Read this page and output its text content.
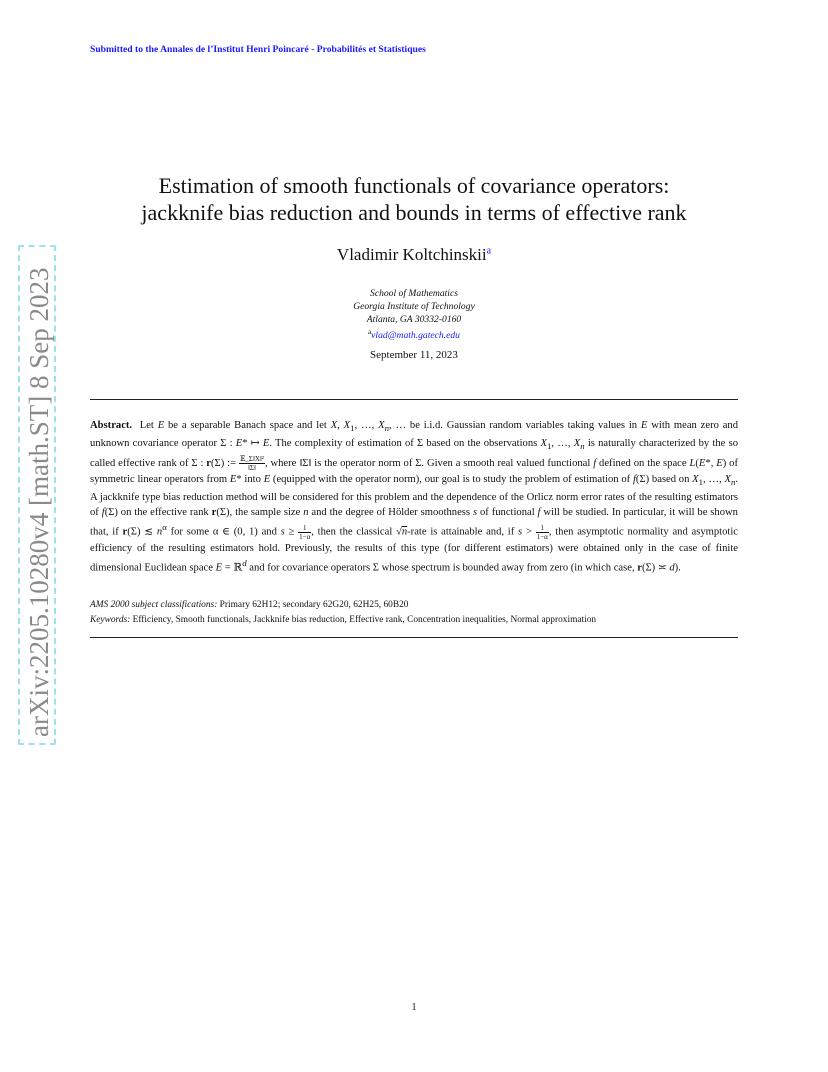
Submitted to the Annales de l’Institut Henri Poincaré - Probabilités et Statistiques
arXiv:2205.10280v4 [math.ST] 8 Sep 2023
Estimation of smooth functionals of covariance operators:
jackknife bias reduction and bounds in terms of effective rank
Vladimir Koltchinskii$^a$
School of Mathematics
Georgia Institute of Technology
Atlanta, GA 30332-0160
$^a$vlad@math.gatech.edu
September 11, 2023
Abstract.  Let E be a separable Banach space and let X, $X_1$, …, $X_n$, … be i.i.d. Gaussian random variables taking values in E with mean zero and unknown covariance operator Σ : E* ↦ E. The complexity of estimation of Σ based on the observations $X_1$, …, $X_n$ is naturally characterized by the so called effective rank of Σ : r(Σ) := $\frac{\text{𝔼\_Σ‖X‖²}}{‖\Sigma‖}$ , where ‖Σ‖ is the operator norm of Σ. Given a smooth real valued functional f defined on the space L(E*, E) of symmetric linear operators from E* into E (equipped with the operator norm), our goal is to study the problem of estimation of f(Σ) based on $X_1$, …, $X_n$. A jackknife type bias reduction method will be considered for this problem and the dependence of the Orlicz norm error rates of the resulting estimators of f(Σ) on the effective rank r(Σ), the sample size n and the degree of Hölder smoothness s of functional f will be studied. In particular, it will be shown that, if r(Σ) ≲ $n^\alpha$ for some α ∈ (0, 1) and $s \ge \frac{1}{1-\alpha}$ , then the classical √n-rate is attainable and, if $s > \frac{1}{1-\alpha}$ , then asymptotic normality and asymptotic efficiency of the resulting estimators hold. Previously, the results of this type (for different estimators) were obtained only in the case of finite dimensional Euclidean space E = ℝ$^d$ and for covariance operators Σ whose spectrum is bounded away from zero (in which case, r(Σ) ≍ d).
AMS 2000 subject classifications: Primary 62H12; secondary 62G20, 62H25, 60B20
Keywords: Efficiency, Smooth functionals, Jackknife bias reduction, Effective rank, Concentration inequalities, Normal approximation
1
